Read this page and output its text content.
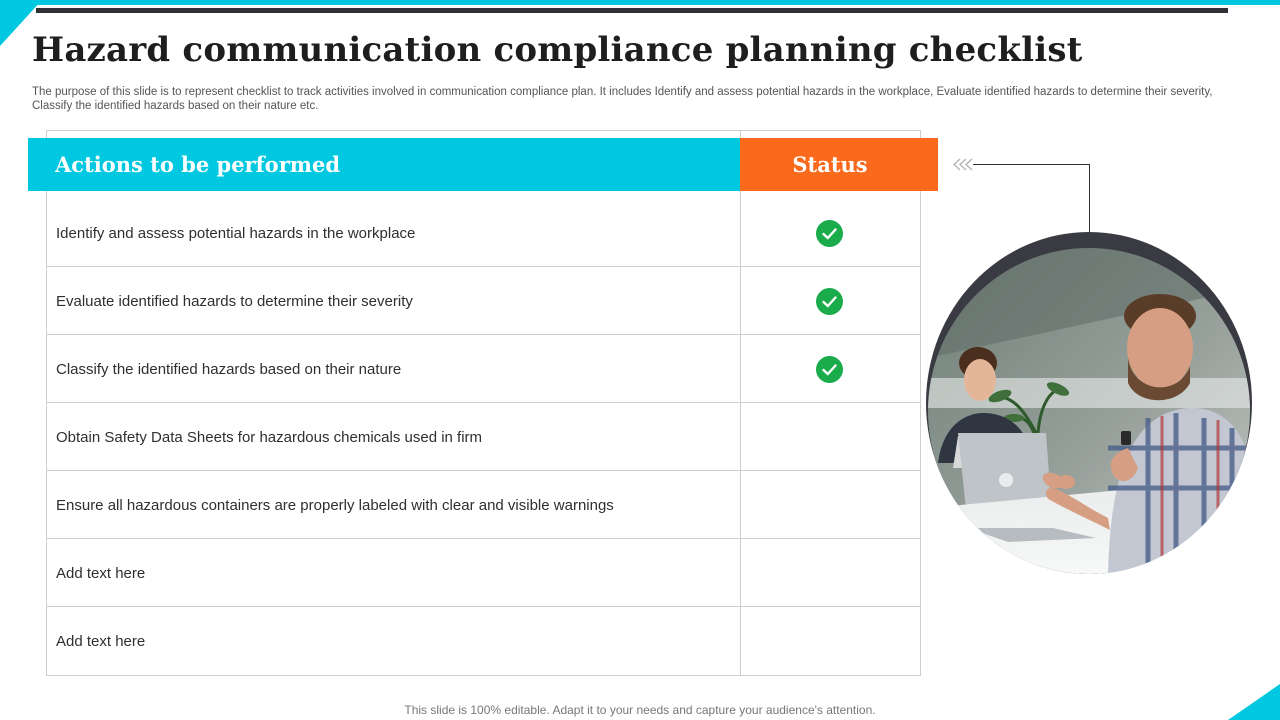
Hazard communication compliance planning checklist

The purpose of this slide is to represent checklist to track activities involved in communication compliance plan. It includes Identify and assess potential hazards in the workplace, Evaluate identified hazards to determine their severity, Classify the identified hazards based on their nature etc.

Identify and assess potential hazards in the workplace
Evaluate identified hazards to determine their severity
Classify the identified hazards based on their nature
Obtain Safety Data Sheets for hazardous chemicals used in firm
Ensure all hazardous containers are properly labeled with clear and visible warnings
Add text here
Add text here
Actions to be performed	Status
This slide is 100% editable. Adapt it to your needs and capture your audience's attention.
